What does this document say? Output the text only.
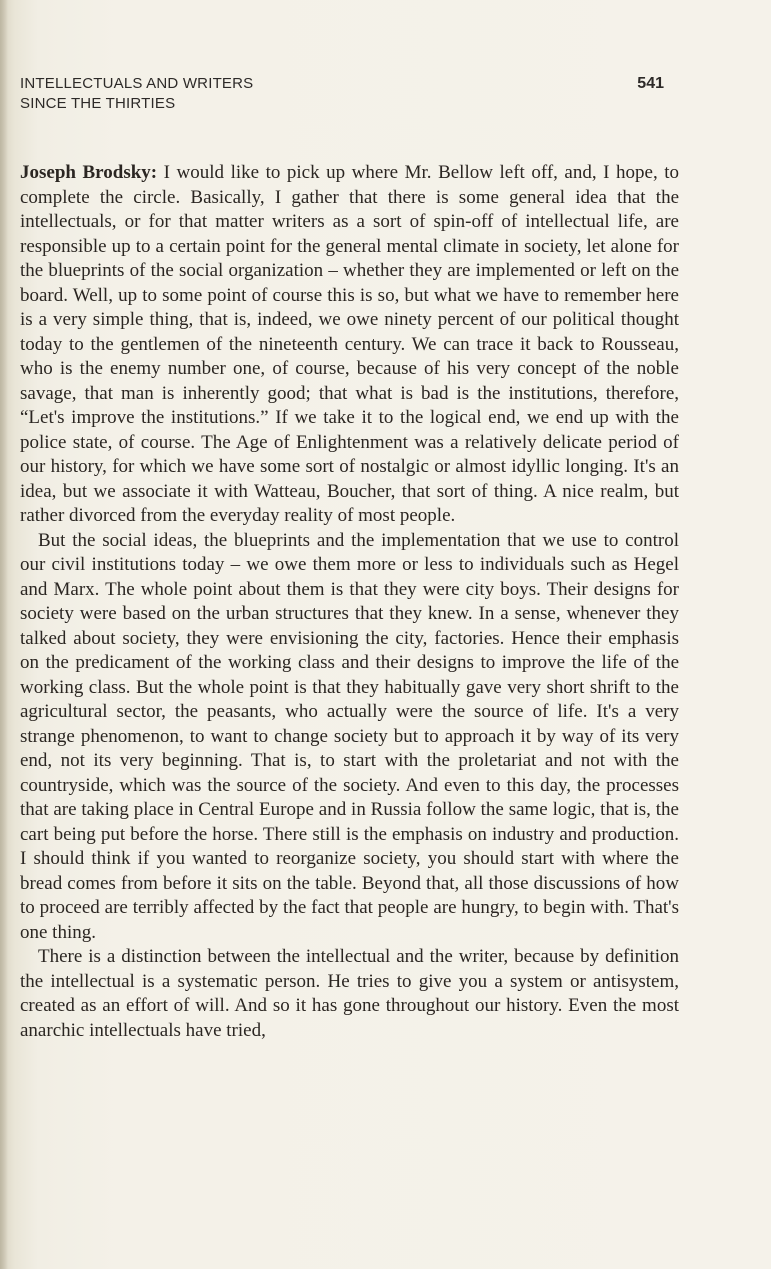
INTELLECTUALS AND WRITERS
SINCE THE THIRTIES
541

Joseph Brodsky: I would like to pick up where Mr. Bellow left off, and, I hope, to complete the circle. Basically, I gather that there is some general idea that the intellectuals, or for that matter writers as a sort of spin-off of intellectual life, are responsible up to a certain point for the general mental climate in society, let alone for the blueprints of the social organization – whether they are implemented or left on the board. Well, up to some point of course this is so, but what we have to remember here is a very simple thing, that is, indeed, we owe ninety percent of our political thought today to the gentlemen of the nineteenth century. We can trace it back to Rousseau, who is the enemy number one, of course, because of his very concept of the noble savage, that man is inherently good; that what is bad is the institutions, therefore, “Let's improve the institutions.” If we take it to the logical end, we end up with the police state, of course. The Age of Enlightenment was a relatively delicate period of our history, for which we have some sort of nostalgic or almost idyllic longing. It's an idea, but we associate it with Watteau, Boucher, that sort of thing. A nice realm, but rather divorced from the everyday reality of most people.

But the social ideas, the blueprints and the implementation that we use to control our civil institutions today – we owe them more or less to individuals such as Hegel and Marx. The whole point about them is that they were city boys. Their designs for society were based on the urban structures that they knew. In a sense, whenever they talked about society, they were envisioning the city, factories. Hence their emphasis on the predicament of the working class and their designs to improve the life of the working class. But the whole point is that they habitually gave very short shrift to the agricultural sector, the peasants, who actually were the source of life. It's a very strange phenomenon, to want to change society but to approach it by way of its very end, not its very beginning. That is, to start with the proletariat and not with the countryside, which was the source of the society. And even to this day, the processes that are taking place in Central Europe and in Russia follow the same logic, that is, the cart being put before the horse. There still is the emphasis on industry and production. I should think if you wanted to reorganize society, you should start with where the bread comes from before it sits on the table. Beyond that, all those discussions of how to proceed are terribly affected by the fact that people are hungry, to begin with. That's one thing.

There is a distinction between the intellectual and the writer, because by definition the intellectual is a systematic person. He tries to give you a system or antisystem, created as an effort of will. And so it has gone throughout our history. Even the most anarchic intellectuals have tried,
